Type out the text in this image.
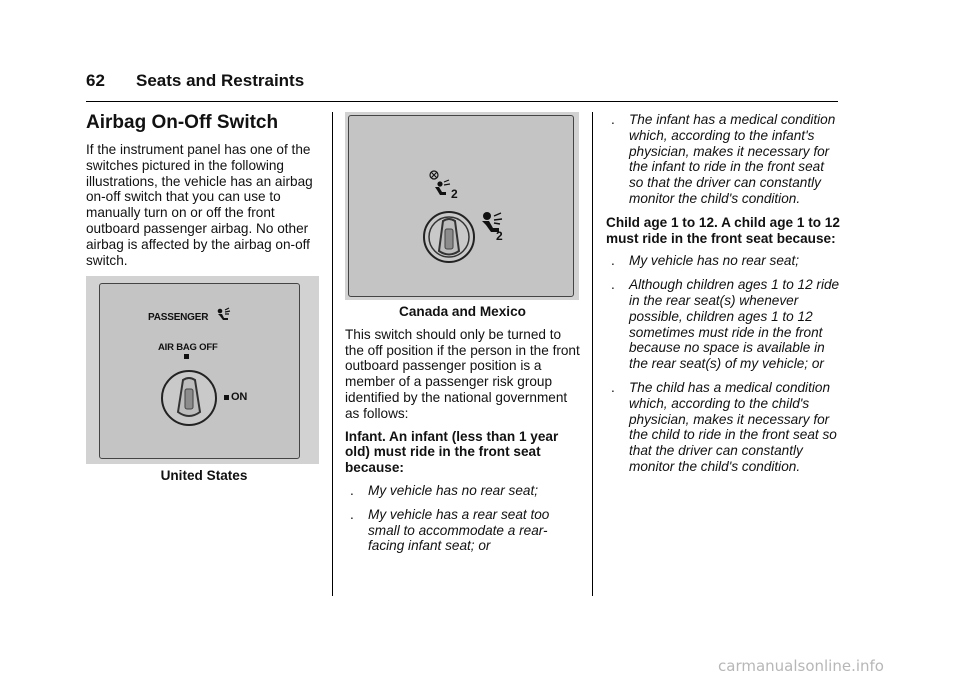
62 Seats and Restraints
Airbag On-Off Switch

If the instrument panel has one of the switches pictured in the following illustrations, the vehicle has an airbag on-off switch that you can use to manually turn on or off the front outboard passenger airbag. No other airbag is affected by the airbag on-off switch.

PASSENGER
AIR BAG OFF
ON

United States

2
2

Canada and Mexico

This switch should only be turned to the off position if the person in the front outboard passenger position is a member of a passenger risk group identified by the national government as follows:

Infant. An infant (less than 1 year old) must ride in the front seat because:

. My vehicle has no rear seat;
. My vehicle has a rear seat too small to accommodate a rear-facing infant seat; or
. The infant has a medical condition which, according to the infant's physician, makes it necessary for the infant to ride in the front seat so that the driver can constantly monitor the child's condition.

Child age 1 to 12. A child age 1 to 12 must ride in the front seat because:

. My vehicle has no rear seat;
. Although children ages 1 to 12 ride in the rear seat(s) whenever possible, children ages 1 to 12 sometimes must ride in the front because no space is available in the rear seat(s) of my vehicle; or
. The child has a medical condition which, according to the child's physician, makes it necessary for the child to ride in the front seat so that the driver can constantly monitor the child's condition.
carmanualsonline.info
